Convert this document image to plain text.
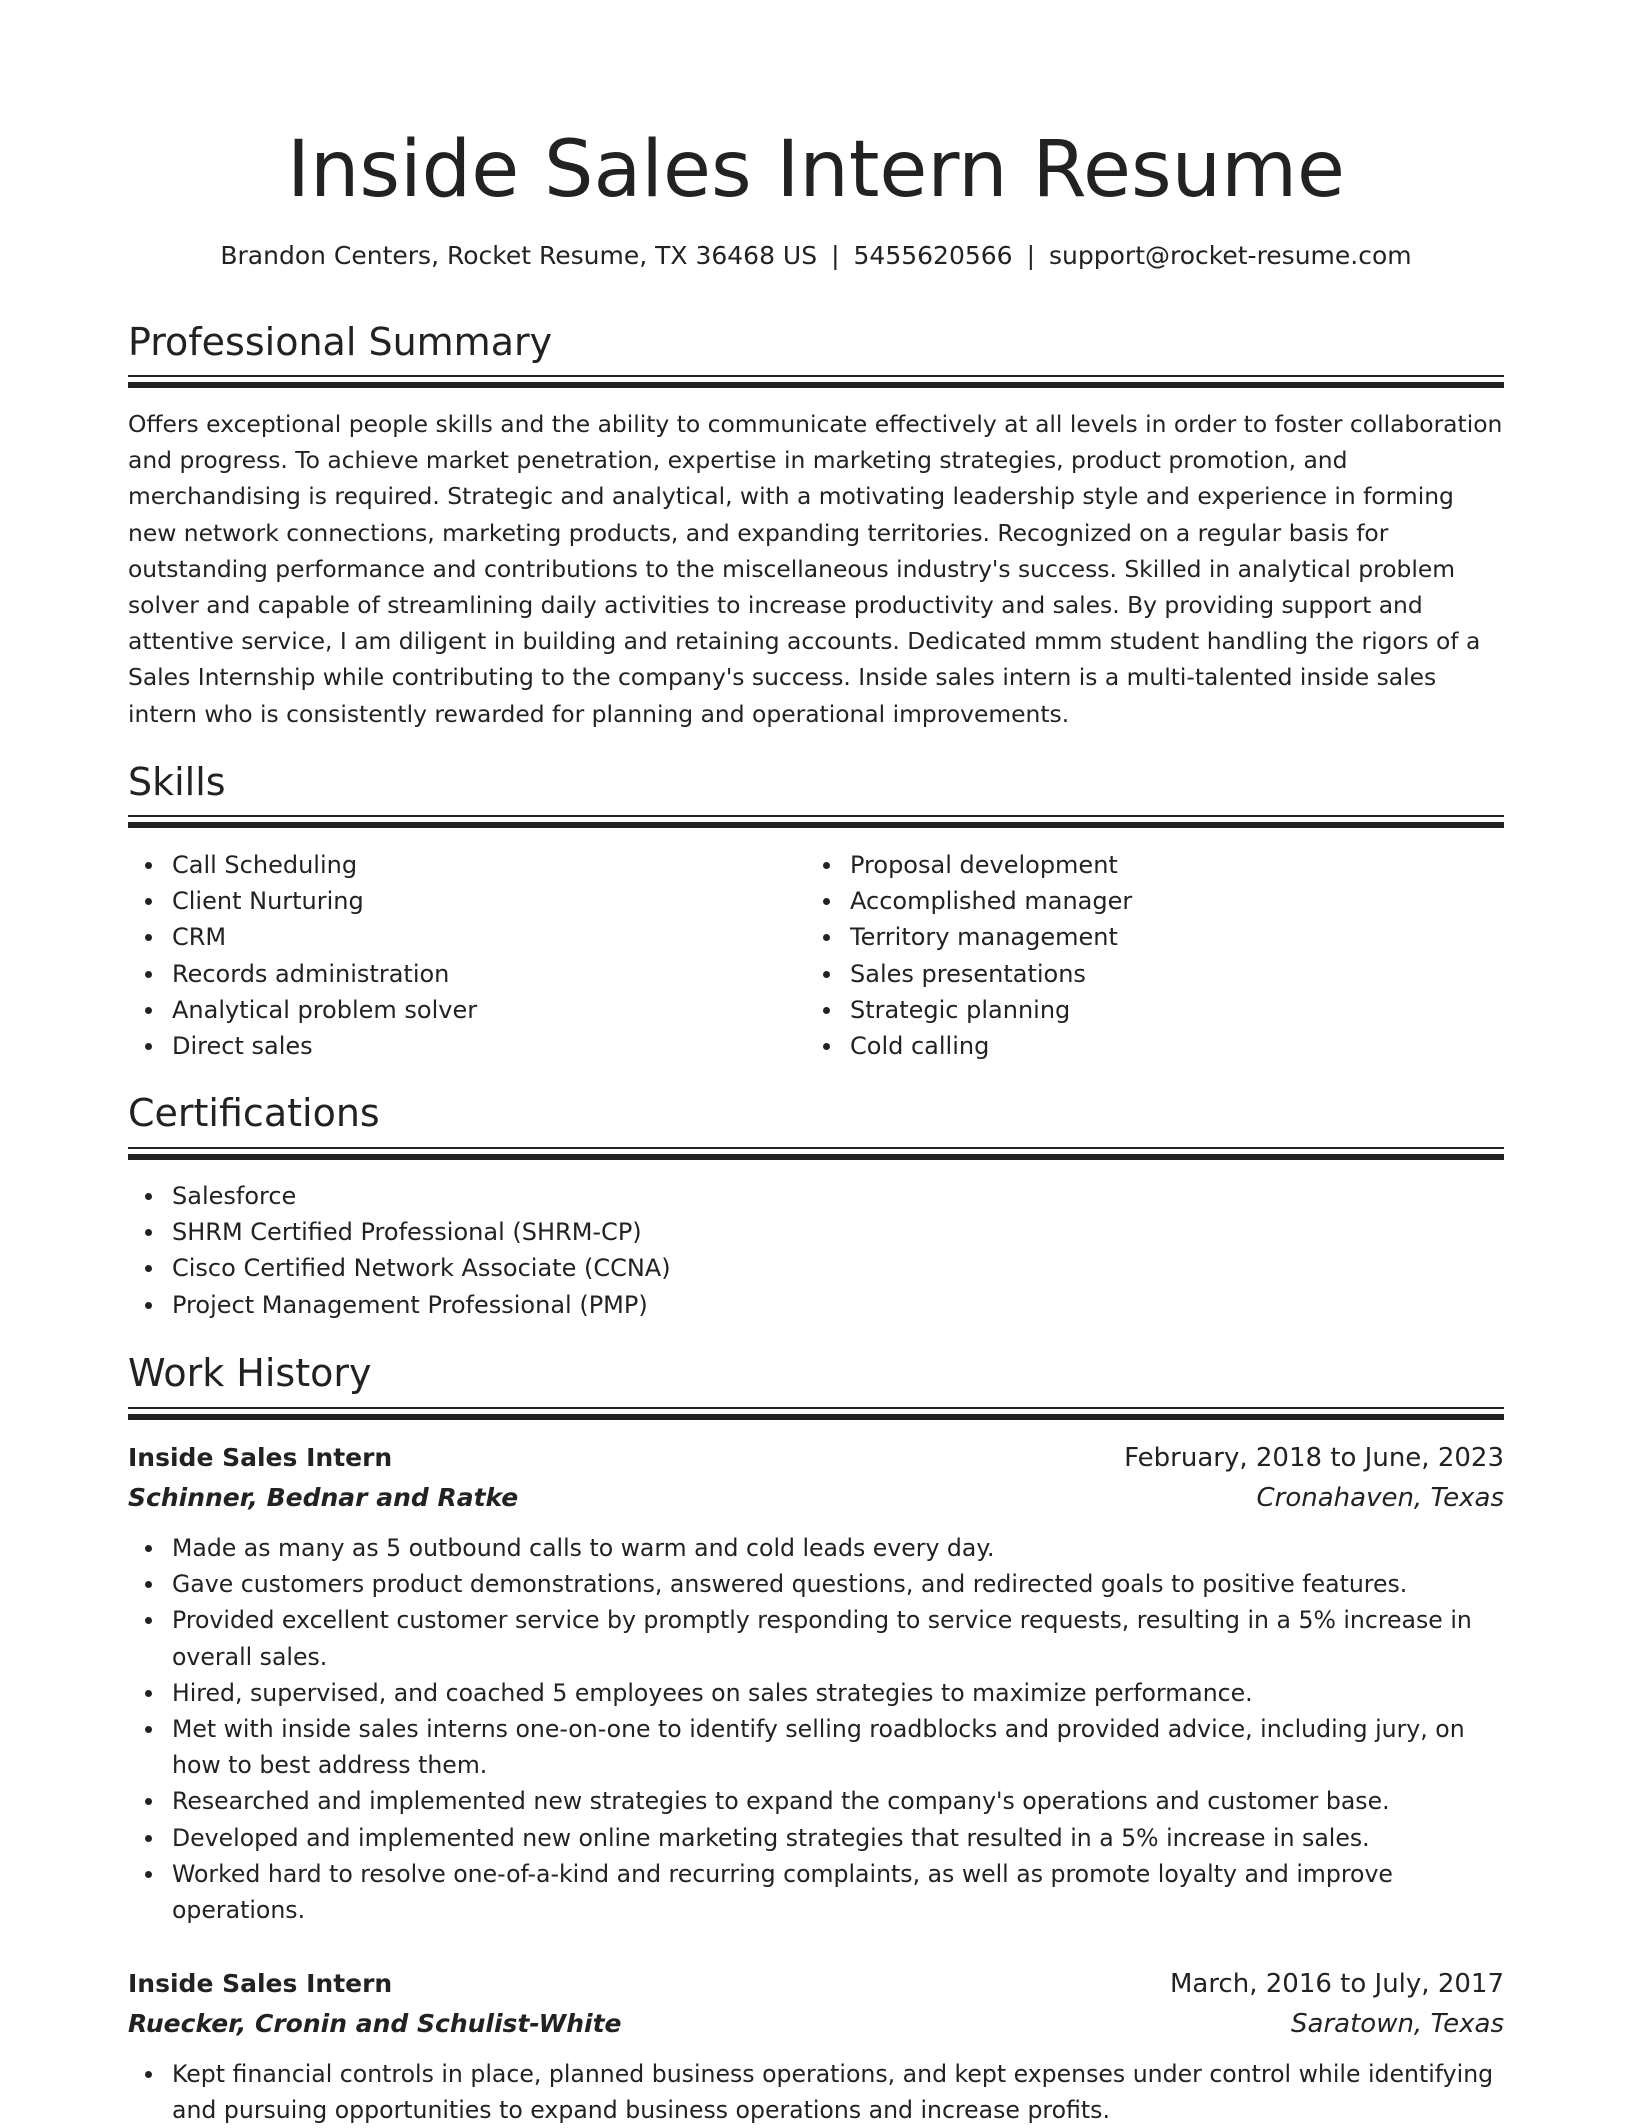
Inside Sales Intern Resume
Brandon Centers, Rocket Resume, TX 36468 US | 5455620566 | support@rocket-resume.com
Professional Summary

Offers exceptional people skills and the ability to communicate effectively at all levels in order to foster collaboration and progress. To achieve market penetration, expertise in marketing strategies, product promotion, and merchandising is required. Strategic and analytical, with a motivating leadership style and experience in forming new network connections, marketing products, and expanding territories. Recognized on a regular basis for outstanding performance and contributions to the miscellaneous industry's success. Skilled in analytical problem solver and capable of streamlining daily activities to increase productivity and sales. By providing support and attentive service, I am diligent in building and retaining accounts. Dedicated mmm student handling the rigors of a Sales Internship while contributing to the company's success. Inside sales intern is a multi-talented inside sales intern who is consistently rewarded for planning and operational improvements.

Skills
Call Scheduling
Client Nurturing
CRM
Records administration
Analytical problem solver
Direct sales
Proposal development
Accomplished manager
Territory management
Sales presentations
Strategic planning
Cold calling
Certifications
Salesforce
SHRM Certified Professional (SHRM-CP)
Cisco Certified Network Associate (CCNA)
Project Management Professional (PMP)
Work History
Inside Sales Intern	February, 2018 to June, 2023
Schinner, Bednar and Ratke	Cronahaven, Texas
Made as many as 5 outbound calls to warm and cold leads every day.
Gave customers product demonstrations, answered questions, and redirected goals to positive features.
Provided excellent customer service by promptly responding to service requests, resulting in a 5% increase in overall sales.
Hired, supervised, and coached 5 employees on sales strategies to maximize performance.
Met with inside sales interns one-on-one to identify selling roadblocks and provided advice, including jury, on how to best address them.
Researched and implemented new strategies to expand the company's operations and customer base.
Developed and implemented new online marketing strategies that resulted in a 5% increase in sales.
Worked hard to resolve one-of-a-kind and recurring complaints, as well as promote loyalty and improve operations.
Inside Sales Intern	March, 2016 to July, 2017
Ruecker, Cronin and Schulist-White	Saratown, Texas
Kept financial controls in place, planned business operations, and kept expenses under control while identifying and pursuing opportunities to expand business operations and increase profits.
